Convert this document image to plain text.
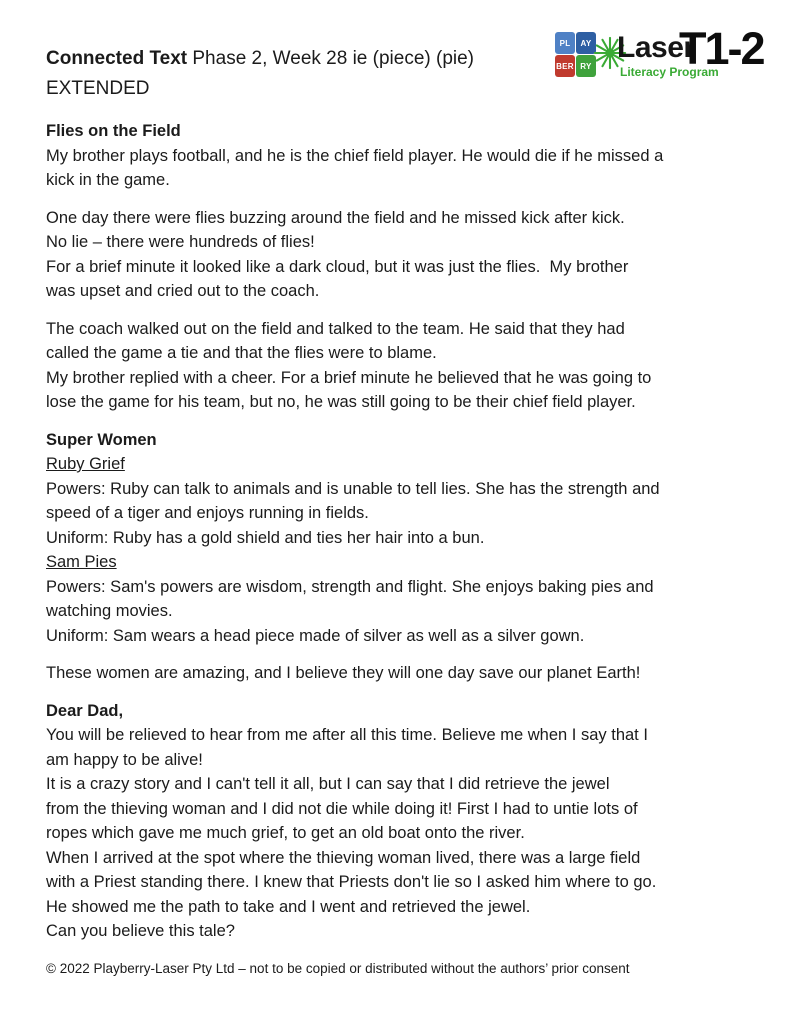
Connected Text Phase 2, Week 28 ie (piece) (pie)
EXTENDED
PL	AY
BER RY
Laser
Literacy Program
T1-2
Flies on the Field
My brother plays football, and he is the chief field player. He would die if he missed a
kick in the game.
One day there were flies buzzing around the field and he missed kick after kick.
No lie – there were hundreds of flies!
For a brief minute it looked like a dark cloud, but it was just the flies.  My brother
was upset and cried out to the coach.
The coach walked out on the field and talked to the team. He said that they had
called the game a tie and that the flies were to blame.
My brother replied with a cheer. For a brief minute he believed that he was going to
lose the game for his team, but no, he was still going to be their chief field player.
Super Women
Ruby Grief
Powers: Ruby can talk to animals and is unable to tell lies. She has the strength and
speed of a tiger and enjoys running in fields.
Uniform: Ruby has a gold shield and ties her hair into a bun.
Sam Pies
Powers: Sam's powers are wisdom, strength and flight. She enjoys baking pies and
watching movies.
Uniform: Sam wears a head piece made of silver as well as a silver gown.
These women are amazing, and I believe they will one day save our planet Earth!
Dear Dad,
You will be relieved to hear from me after all this time. Believe me when I say that I
am happy to be alive!
It is a crazy story and I can't tell it all, but I can say that I did retrieve the jewel
from the thieving woman and I did not die while doing it! First I had to untie lots of
ropes which gave me much grief, to get an old boat onto the river.
When I arrived at the spot where the thieving woman lived, there was a large field
with a Priest standing there. I knew that Priests don't lie so I asked him where to go.
He showed me the path to take and I went and retrieved the jewel.
Can you believe this tale?
© 2022 Playberry-Laser Pty Ltd – not to be copied or distributed without the authors’ prior consent
